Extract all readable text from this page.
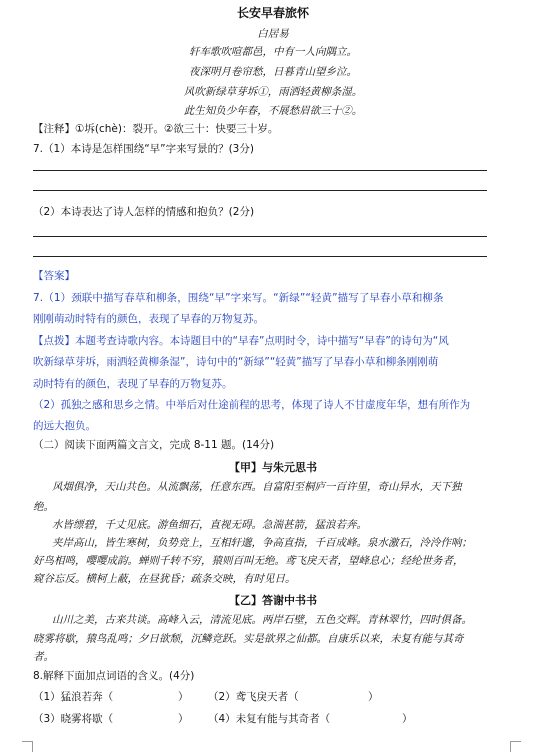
长安早春旅怀
白居易
轩车歌吹喧都邑，中有一人向隅立。
夜深明月卷帘愁，日暮青山望乡泣。
风吹新绿草芽坼①，雨洒轻黄柳条湿。
此生知负少年春，不展愁眉欲三十②。
【注释】①坼(chè)：裂开。②欲三十：快要三十岁。
7.（1）本诗是怎样围绕“早”字来写景的？(3分)
（2）本诗表达了诗人怎样的情感和抱负？(2分)
【答案】
7.（1）颈联中描写春草和柳条，围绕“早”字来写。“新绿”“轻黄”描写了早春小草和柳条
刚刚萌动时特有的颜色，表现了早春的万物复苏。
【点拨】本题考查诗歌内容。本诗题目中的“早春”点明时令，诗中描写“早春”的诗句为“风
吹新绿草芽坼，雨洒轻黄柳条湿”，诗句中的“新绿”“轻黄”描写了早春小草和柳条刚刚萌
动时特有的颜色，表现了早春的万物复苏。
（2）孤独之感和思乡之情。中举后对仕途前程的思考，体现了诗人不甘虚度年华，想有所作为
的远大抱负。
（二）阅读下面两篇文言文，完成 8-11 题。(14分)
【甲】与朱元思书
风烟俱净，天山共色。从流飘荡，任意东西。自富阳至桐庐一百许里，奇山异水，天下独
绝。
水皆缥碧，千丈见底。游鱼细石，直视无碍。急湍甚箭，猛浪若奔。
夹岸高山，皆生寒树，负势竞上，互相轩邈，争高直指，千百成峰。泉水激石，泠泠作响；
好鸟相鸣，嘤嘤成韵。蝉则千转不穷，猿则百叫无绝。鸢飞戾天者，望峰息心；经纶世务者，
窥谷忘反。横柯上蔽，在昼犹昏；疏条交映，有时见日。
【乙】答谢中书书
山川之美，古来共谈。高峰入云，清流见底。两岸石壁，五色交辉。青林翠竹，四时俱备。
晓雾将歇，猿鸟乱鸣；夕日欲颓，沉鳞竞跃。实是欲界之仙都。自康乐以来，未复有能与其奇
者。
8.解释下面加点词语的含义。(4分)
（1）猛浪若奔（	） （2）鸢飞戾天者（	）
（3）晓雾将歇（	） （4）未复有能与其奇者（	）
